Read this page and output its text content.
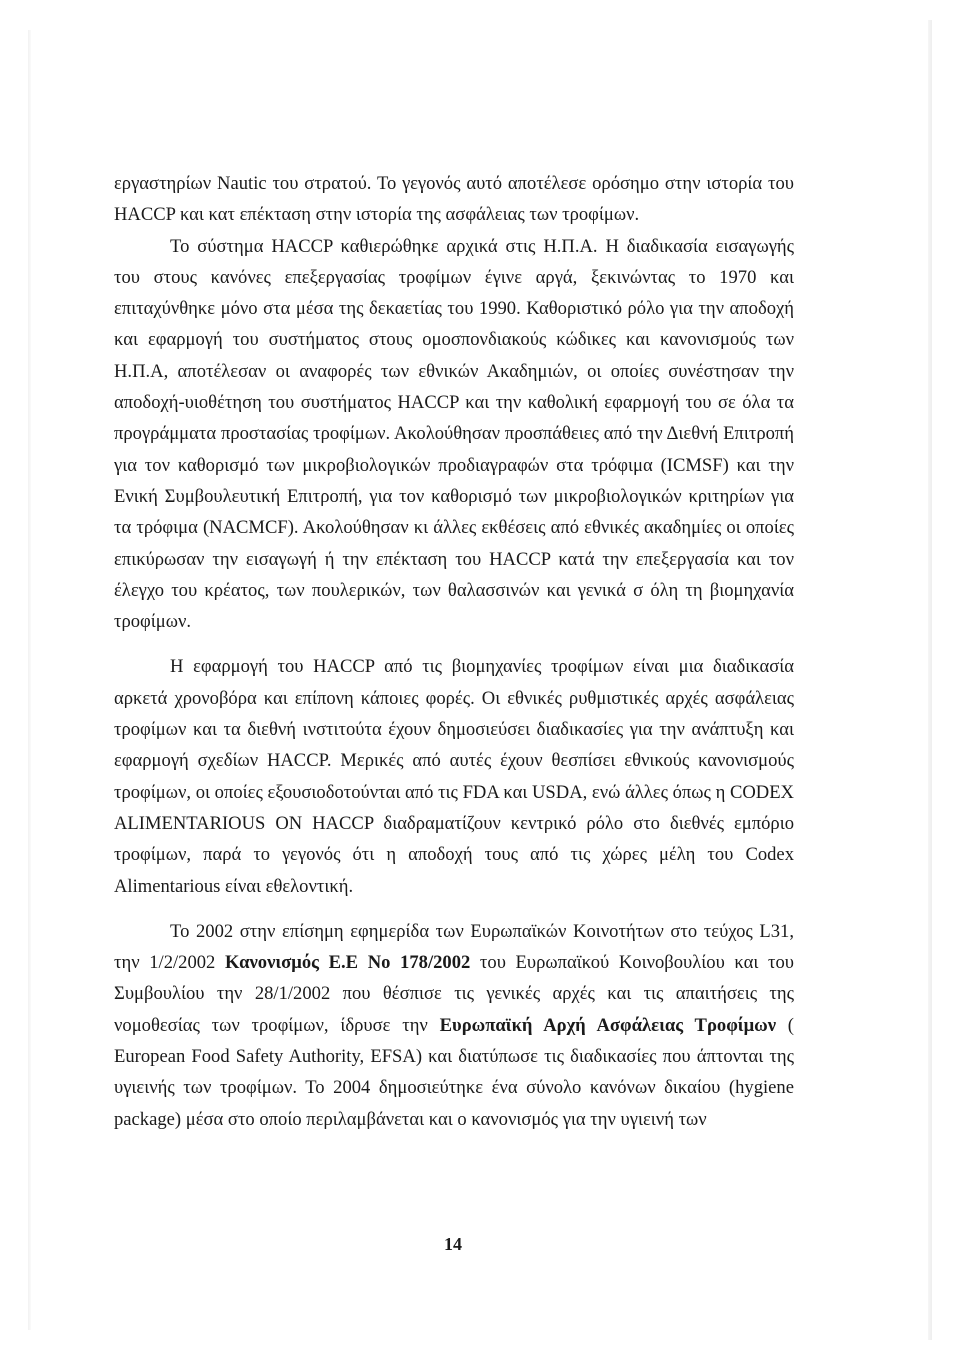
εργαστηρίων Nautic του στρατού. Το γεγονός αυτό αποτέλεσε ορόσημο στην ιστορία του HACCP και κατ επέκταση στην ιστορία της ασφάλειας των τροφίμων.

Το σύστημα HACCP καθιερώθηκε αρχικά στις Η.Π.Α. Η διαδικασία εισαγωγής του στους κανόνες επεξεργασίας τροφίμων έγινε αργά, ξεκινώντας το 1970 και επιταχύνθηκε μόνο στα μέσα της δεκαετίας του 1990. Καθοριστικό ρόλο για την αποδοχή και εφαρμογή του συστήματος στους ομοσπονδιακούς κώδικες και κανονισμούς των Η.Π.Α, αποτέλεσαν οι αναφορές των εθνικών Ακαδημιών, οι οποίες συνέστησαν την αποδοχή-υιοθέτηση του συστήματος HACCP και την καθολική εφαρμογή του σε όλα τα προγράμματα προστασίας τροφίμων. Ακολούθησαν προσπάθειες από την Διεθνή Επιτροπή για τον καθορισμό των μικροβιολογικών προδιαγραφών στα τρόφιμα (ICMSF) και την Ενική Συμβουλευτική Επιτροπή, για τον καθορισμό των μικροβιολογικών κριτηρίων για τα τρόφιμα (NACMCF). Ακολούθησαν κι άλλες εκθέσεις από εθνικές ακαδημίες οι οποίες επικύρωσαν την εισαγωγή ή την επέκταση του HACCP κατά την επεξεργασία και τον έλεγχο του κρέατος, των πουλερικών, των θαλασσινών και γενικά σ όλη τη βιομηχανία τροφίμων.

Η εφαρμογή του HACCP από τις βιομηχανίες τροφίμων είναι μια διαδικασία αρκετά χρονοβόρα και επίπονη κάποιες φορές. Οι εθνικές ρυθμιστικές αρχές ασφάλειας τροφίμων και τα διεθνή ινστιτούτα έχουν δημοσιεύσει διαδικασίες για την ανάπτυξη και εφαρμογή σχεδίων HACCP. Μερικές από αυτές έχουν θεσπίσει εθνικούς κανονισμούς τροφίμων, οι οποίες εξουσιοδοτούνται από τις FDA και USDA, ενώ άλλες όπως η CODEX ALIMENTARIOUS ON HACCP διαδραματίζουν κεντρικό ρόλο στο διεθνές εμπόριο τροφίμων, παρά το γεγονός ότι η αποδοχή τους από τις χώρες μέλη του Codex Alimentarious είναι εθελοντική.

Το 2002 στην επίσημη εφημερίδα των Ευρωπαϊκών Κοινοτήτων στο τεύχος L31, την 1/2/2002 Κανονισμός Ε.Ε Νο 178/2002 του Ευρωπαϊκού Κοινοβουλίου και του Συμβουλίου την 28/1/2002 που θέσπισε τις γενικές αρχές και τις απαιτήσεις της νομοθεσίας των τροφίμων, ίδρυσε την Ευρωπαϊκή Αρχή Ασφάλειας Τροφίμων ( European Food Safety Authority, EFSA) και διατύπωσε τις διαδικασίες που άπτονται της υγιεινής των τροφίμων. Το 2004 δημοσιεύτηκε ένα σύνολο κανόνων δικαίου (hygiene package) μέσα στο οποίο περιλαμβάνεται και ο κανονισμός για την υγιεινή των

14
